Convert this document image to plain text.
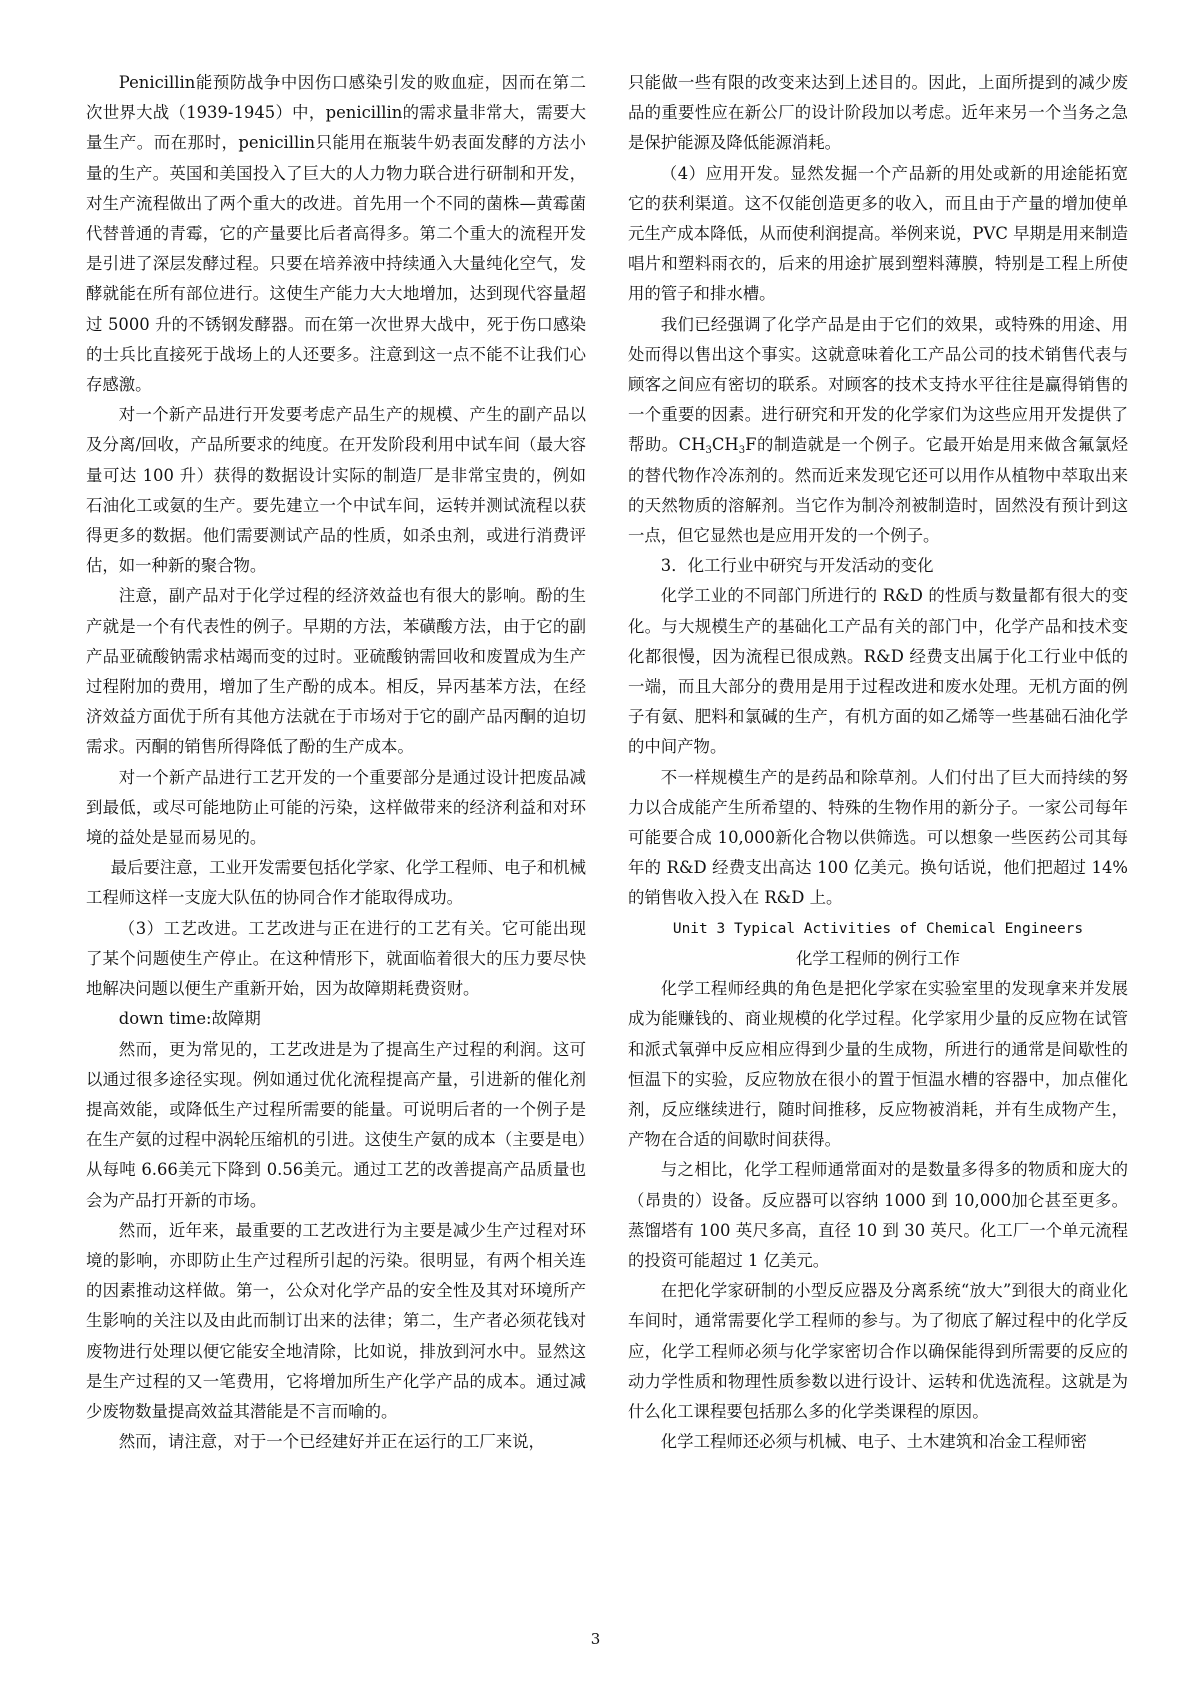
Penicillin能预防战争中因伤口感染引发的败血症，因而在第二次世界大战（1939-1945）中，penicillin的需求量非常大，需要大量生产。而在那时，penicillin只能用在瓶装牛奶表面发酵的方法小量的生产。英国和美国投入了巨大的人力物力联合进行研制和开发，对生产流程做出了两个重大的改进。首先用一个不同的菌株—黄霉菌代替普通的青霉，它的产量要比后者高得多。第二个重大的流程开发是引进了深层发酵过程。只要在培养液中持续通入大量纯化空气，发酵就能在所有部位进行。这使生产能力大大地增加，达到现代容量超过 5000 升的不锈钢发酵器。而在第一次世界大战中，死于伤口感染的士兵比直接死于战场上的人还要多。注意到这一点不能不让我们心存感激。

对一个新产品进行开发要考虑产品生产的规模、产生的副产品以及分离/回收，产品所要求的纯度。在开发阶段利用中试车间（最大容量可达 100 升）获得的数据设计实际的制造厂是非常宝贵的，例如石油化工或氨的生产。要先建立一个中试车间，运转并测试流程以获得更多的数据。他们需要测试产品的性质，如杀虫剂，或进行消费评估，如一种新的聚合物。

注意，副产品对于化学过程的经济效益也有很大的影响。酚的生产就是一个有代表性的例子。早期的方法，苯磺酸方法，由于它的副产品亚硫酸钠需求枯竭而变的过时。亚硫酸钠需回收和废置成为生产过程附加的费用，增加了生产酚的成本。相反，异丙基苯方法，在经济效益方面优于所有其他方法就在于市场对于它的副产品丙酮的迫切需求。丙酮的销售所得降低了酚的生产成本。

对一个新产品进行工艺开发的一个重要部分是通过设计把废品减到最低，或尽可能地防止可能的污染，这样做带来的经济利益和对环境的益处是显而易见的。

最后要注意，工业开发需要包括化学家、化学工程师、电子和机械工程师这样一支庞大队伍的协同合作才能取得成功。

（3）工艺改进。工艺改进与正在进行的工艺有关。它可能出现了某个问题使生产停止。在这种情形下，就面临着很大的压力要尽快地解决问题以便生产重新开始，因为故障期耗费资财。

down time:故障期

然而，更为常见的，工艺改进是为了提高生产过程的利润。这可以通过很多途径实现。例如通过优化流程提高产量，引进新的催化剂提高效能，或降低生产过程所需要的能量。可说明后者的一个例子是在生产氨的过程中涡轮压缩机的引进。这使生产氨的成本（主要是电）从每吨 6.66美元下降到 0.56美元。通过工艺的改善提高产品质量也会为产品打开新的市场。

然而，近年来，最重要的工艺改进行为主要是减少生产过程对环境的影响，亦即防止生产过程所引起的污染。很明显，有两个相关连的因素推动这样做。第一，公众对化学产品的安全性及其对环境所产生影响的关注以及由此而制订出来的法律；第二，生产者必须花钱对废物进行处理以便它能安全地清除，比如说，排放到河水中。显然这是生产过程的又一笔费用，它将增加所生产化学产品的成本。通过减少废物数量提高效益其潜能是不言而喻的。

然而，请注意，对于一个已经建好并正在运行的工厂来说，

只能做一些有限的改变来达到上述目的。因此，上面所提到的减少废品的重要性应在新公厂的设计阶段加以考虑。近年来另一个当务之急是保护能源及降低能源消耗。

（4）应用开发。显然发掘一个产品新的用处或新的用途能拓宽它的获利渠道。这不仅能创造更多的收入，而且由于产量的增加使单元生产成本降低，从而使利润提高。举例来说，PVC 早期是用来制造唱片和塑料雨衣的，后来的用途扩展到塑料薄膜，特别是工程上所使用的管子和排水槽。

我们已经强调了化学产品是由于它们的效果，或特殊的用途、用处而得以售出这个事实。这就意味着化工产品公司的技术销售代表与顾客之间应有密切的联系。对顾客的技术支持水平往往是赢得销售的一个重要的因素。进行研究和开发的化学家们为这些应用开发提供了帮助。$CH_3CH_3F$的制造就是一个例子。它最开始是用来做含氟氯烃的替代物作冷冻剂的。然而近来发现它还可以用作从植物中萃取出来的天然物质的溶解剂。当它作为制冷剂被制造时，固然没有预计到这一点，但它显然也是应用开发的一个例子。

3．化工行业中研究与开发活动的变化

化学工业的不同部门所进行的 R&D 的性质与数量都有很大的变化。与大规模生产的基础化工产品有关的部门中，化学产品和技术变化都很慢，因为流程已很成熟。R&D 经费支出属于化工行业中低的一端，而且大部分的费用是用于过程改进和废水处理。无机方面的例子有氨、肥料和氯碱的生产，有机方面的如乙烯等一些基础石油化学的中间产物。

不一样规模生产的是药品和除草剂。人们付出了巨大而持续的努力以合成能产生所希望的、特殊的生物作用的新分子。一家公司每年可能要合成 10,000新化合物以供筛选。可以想象一些医药公司其每年的 R&D 经费支出高达 100 亿美元。换句话说，他们把超过 14% 的销售收入投入在 R&D 上。

Unit 3 Typical Activities of Chemical Engineers

化学工程师的例行工作

化学工程师经典的角色是把化学家在实验室里的发现拿来并发展成为能赚钱的、商业规模的化学过程。化学家用少量的反应物在试管和派式氧弹中反应相应得到少量的生成物，所进行的通常是间歇性的恒温下的实验，反应物放在很小的置于恒温水槽的容器中，加点催化剂，反应继续进行，随时间推移，反应物被消耗，并有生成物产生，产物在合适的间歇时间获得。

与之相比，化学工程师通常面对的是数量多得多的物质和庞大的（昂贵的）设备。反应器可以容纳 1000 到 10,000加仑甚至更多。蒸馏塔有 100 英尺多高，直径 10 到 30 英尺。化工厂一个单元流程的投资可能超过 1 亿美元。

在把化学家研制的小型反应器及分离系统“放大”到很大的商业化车间时，通常需要化学工程师的参与。为了彻底了解过程中的化学反应，化学工程师必须与化学家密切合作以确保能得到所需要的反应的动力学性质和物理性质参数以进行设计、运转和优选流程。这就是为什么化工课程要包括那么多的化学类课程的原因。

化学工程师还必须与机械、电子、土木建筑和冶金工程师密

3
